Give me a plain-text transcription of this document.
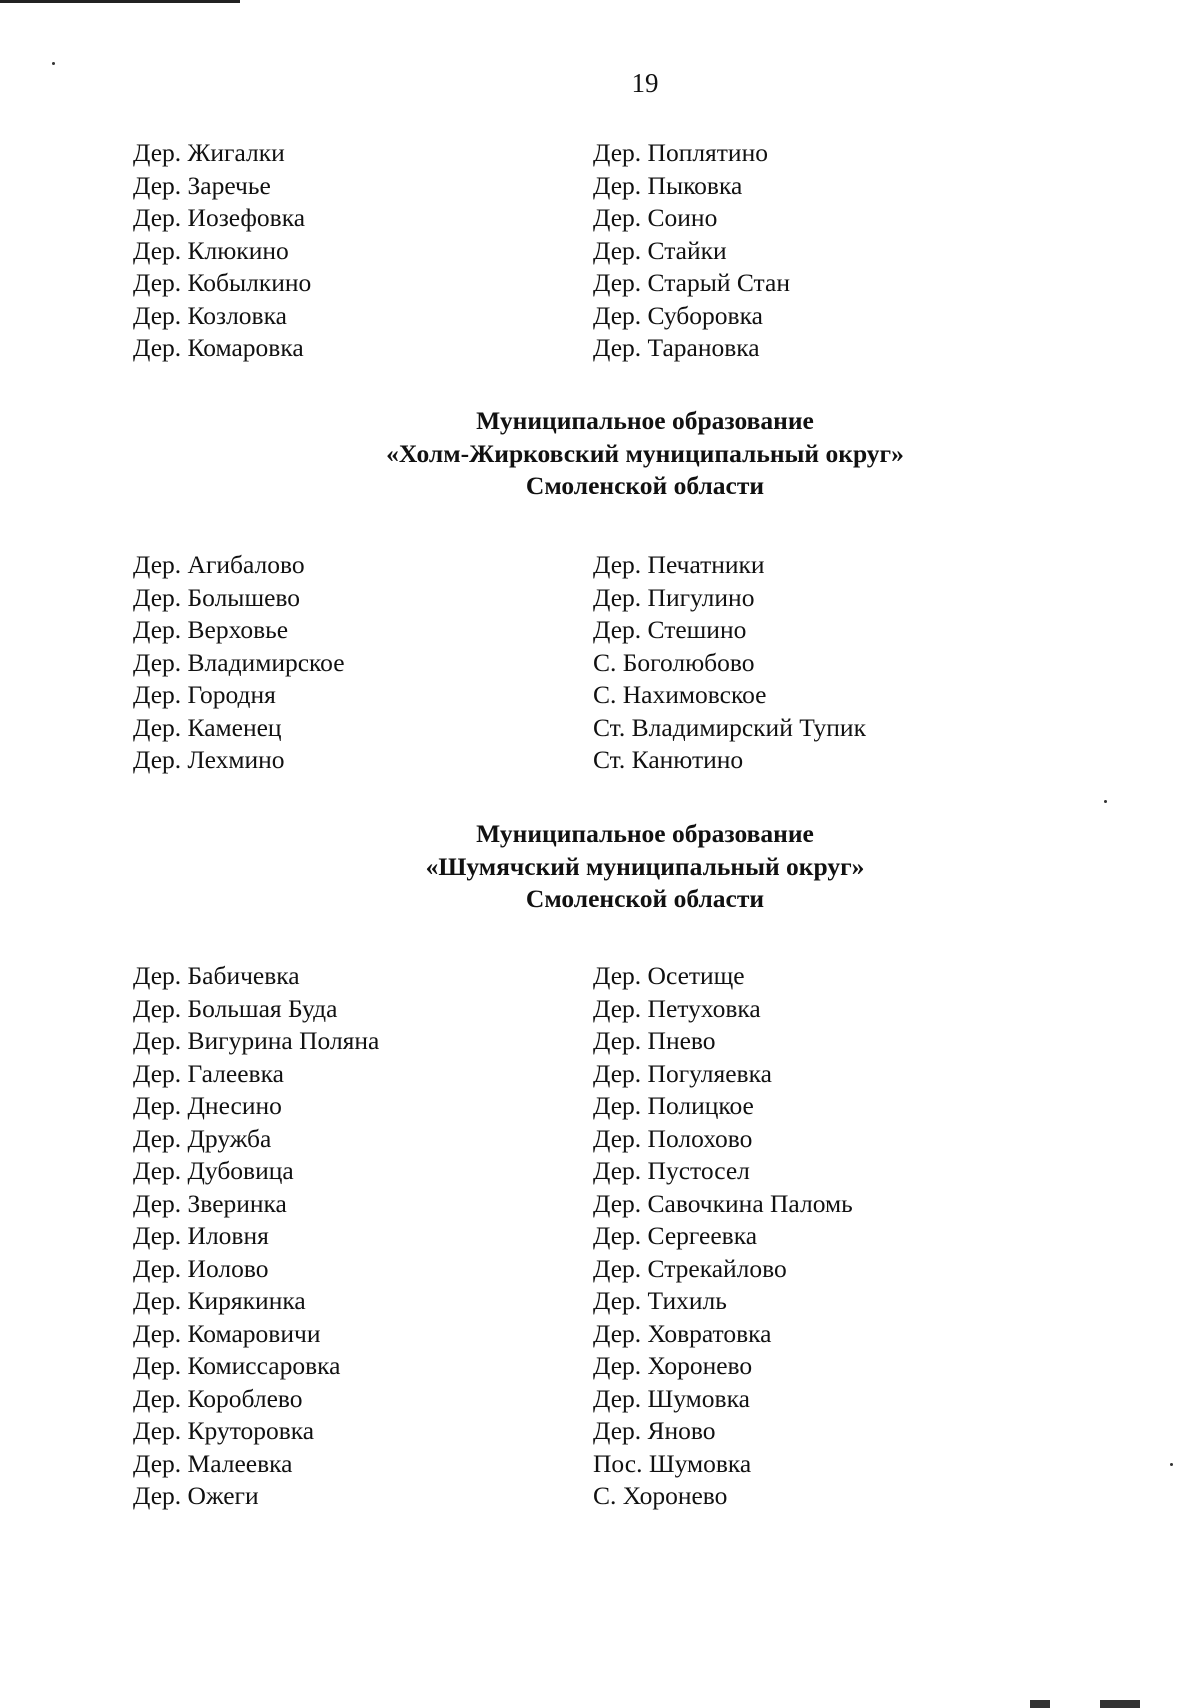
19
Дер. Жигалки
Дер. Заречье
Дер. Иозефовка
Дер. Клюкино
Дер. Кобылкино
Дер. Козловка
Дер. Комаровка
Дер. Поплятино
Дер. Пыковка
Дер. Соино
Дер. Стайки
Дер. Старый Стан
Дер. Суборовка
Дер. Тарановка
Муниципальное образование
«Холм-Жирковский муниципальный округ»
Смоленской области
Дер. Агибалово
Дер. Болышево
Дер. Верховье
Дер. Владимирское
Дер. Городня
Дер. Каменец
Дер. Лехмино
Дер. Печатники
Дер. Пигулино
Дер. Стешино
С. Боголюбово
С. Нахимовское
Ст. Владимирский Тупик
Ст. Канютино
Муниципальное образование
«Шумячский муниципальный округ»
Смоленской области
Дер. Бабичевка
Дер. Большая Буда
Дер. Вигурина Поляна
Дер. Галеевка
Дер. Днесино
Дер. Дружба
Дер. Дубовица
Дер. Зверинка
Дер. Иловня
Дер. Иолово
Дер. Кирякинка
Дер. Комаровичи
Дер. Комиссаровка
Дер. Короблево
Дер. Круторовка
Дер. Малеевка
Дер. Ожеги
Дер. Осетище
Дер. Петуховка
Дер. Пнево
Дер. Погуляевка
Дер. Полицкое
Дер. Полохово
Дер. Пустосел
Дер. Савочкина Паломь
Дер. Сергеевка
Дер. Стрекайлово
Дер. Тихиль
Дер. Ховратовка
Дер. Хоронево
Дер. Шумовка
Дер. Яново
Пос. Шумовка
С. Хоронево
